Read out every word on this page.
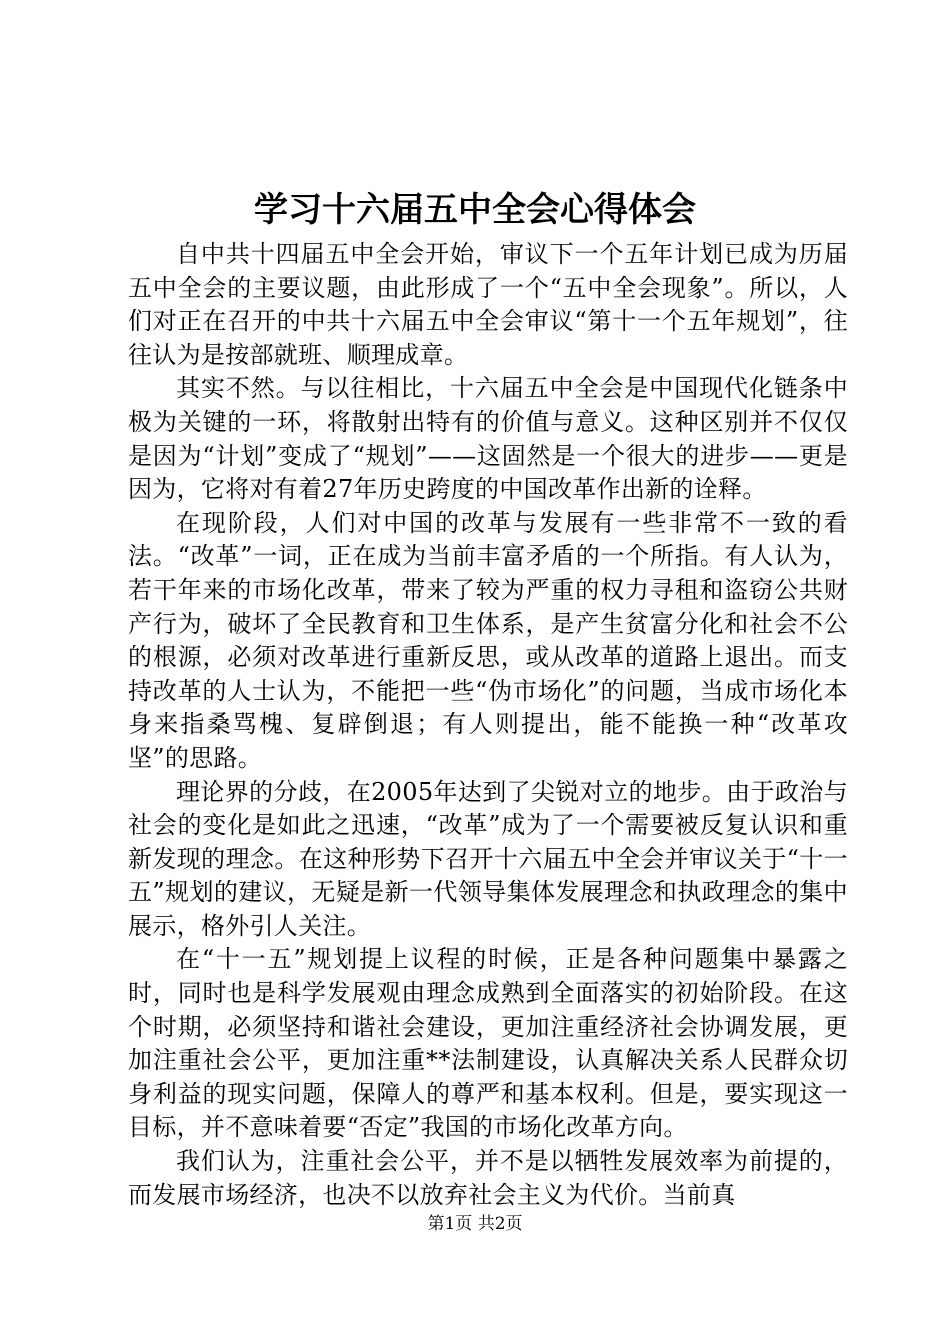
学习十六届五中全会心得体会

自中共十四届五中全会开始，审议下一个五年计划已成为历届五中全会的主要议题，由此形成了一个“五中全会现象”。所以，人们对正在召开的中共十六届五中全会审议“第十一个五年规划”，往往认为是按部就班、顺理成章。

其实不然。与以往相比，十六届五中全会是中国现代化链条中极为关键的一环，将散射出特有的价值与意义。这种区别并不仅仅是因为“计划”变成了“规划”——这固然是一个很大的进步——更是因为，它将对有着27年历史跨度的中国改革作出新的诠释。

在现阶段，人们对中国的改革与发展有一些非常不一致的看法。“改革”一词，正在成为当前丰富矛盾的一个所指。有人认为，若干年来的市场化改革，带来了较为严重的权力寻租和盗窃公共财产行为，破坏了全民教育和卫生体系，是产生贫富分化和社会不公的根源，必须对改革进行重新反思，或从改革的道路上退出。而支持改革的人士认为，不能把一些“伪市场化”的问题，当成市场化本身来指桑骂槐、复辟倒退；有人则提出，能不能换一种“改革攻坚”的思路。

理论界的分歧，在2005年达到了尖锐对立的地步。由于政治与社会的变化是如此之迅速，“改革”成为了一个需要被反复认识和重新发现的理念。在这种形势下召开十六届五中全会并审议关于“十一五”规划的建议，无疑是新一代领导集体发展理念和执政理念的集中展示，格外引人关注。

在“十一五”规划提上议程的时候，正是各种问题集中暴露之时，同时也是科学发展观由理念成熟到全面落实的初始阶段。在这个时期，必须坚持和谐社会建设，更加注重经济社会协调发展，更加注重社会公平，更加注重**法制建设，认真解决关系人民群众切身利益的现实问题，保障人的尊严和基本权利。但是，要实现这一目标，并不意味着要“否定”我国的市场化改革方向。

我们认为，注重社会公平，并不是以牺牲发展效率为前提的，而发展市场经济，也决不以放弃社会主义为代价。当前真

第1页 共2页
